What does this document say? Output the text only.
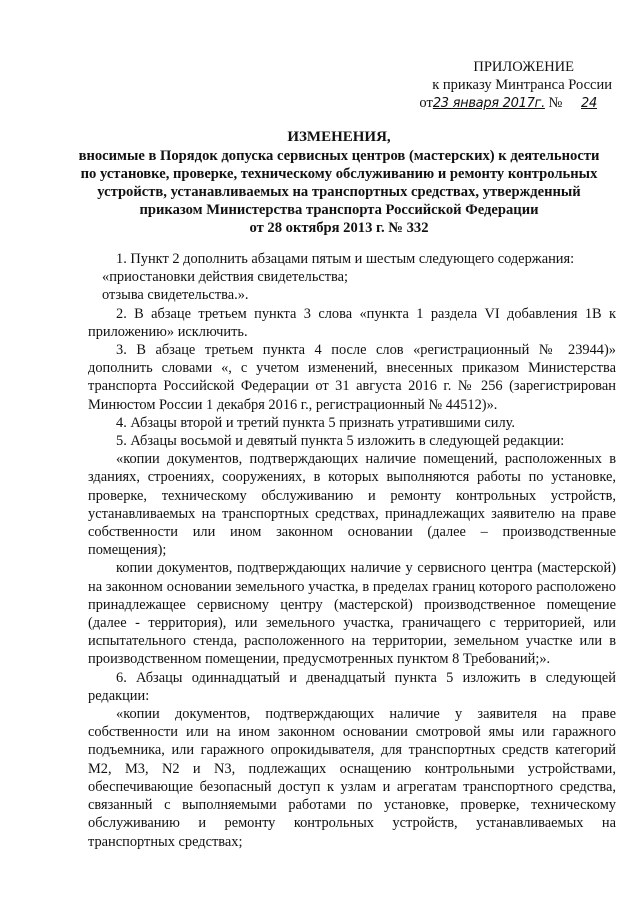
ПРИЛОЖЕНИЕ
к приказу Минтранса России
от23 января 2017г. № 24
ИЗМЕНЕНИЯ,
вносимые в Порядок допуска сервисных центров (мастерских) к деятельности
по установке, проверке, техническому обслуживанию и ремонту контрольных
устройств, устанавливаемых на транспортных средствах, утвержденный
приказом Министерства транспорта Российской Федерации
от 28 октября 2013 г. № 332

1. Пункт 2 дополнить абзацами пятым и шестым следующего содержания:

«приостановки действия свидетельства;

отзыва свидетельства.».

2. В абзаце третьем пункта 3 слова «пункта 1 раздела VI добавления 1В к приложению» исключить.

3. В абзаце третьем пункта 4 после слов «регистрационный № 23944)» дополнить словами «, с учетом изменений, внесенных приказом Министерства транспорта Российской Федерации от 31 августа 2016 г. № 256 (зарегистрирован Минюстом России 1 декабря 2016 г., регистрационный № 44512)».

4. Абзацы второй и третий пункта 5 признать утратившими силу.

5. Абзацы восьмой и девятый пункта 5 изложить в следующей редакции:

«копии документов, подтверждающих наличие помещений, расположенных в зданиях, строениях, сооружениях, в которых выполняются работы по установке, проверке, техническому обслуживанию и ремонту контрольных устройств, устанавливаемых на транспортных средствах, принадлежащих заявителю на праве собственности или ином законном основании (далее – производственные помещения);

копии документов, подтверждающих наличие у сервисного центра (мастерской) на законном основании земельного участка, в пределах границ которого расположено принадлежащее сервисному центру (мастерской) производственное помещение (далее - территория), или земельного участка, граничащего с территорией, или испытательного стенда, расположенного на территории, земельном участке или в производственном помещении, предусмотренных пунктом 8 Требований;».

6. Абзацы одиннадцатый и двенадцатый пункта 5 изложить в следующей редакции:

«копии документов, подтверждающих наличие у заявителя на праве собственности или на ином законном основании смотровой ямы или гаражного подъемника, или гаражного опрокидывателя, для транспортных средств категорий М2, М3, N2 и N3, подлежащих оснащению контрольными устройствами, обеспечивающие безопасный доступ к узлам и агрегатам транспортного средства, связанный с выполняемыми работами по установке, проверке, техническому обслуживанию и ремонту контрольных устройств, устанавливаемых на транспортных средствах;
